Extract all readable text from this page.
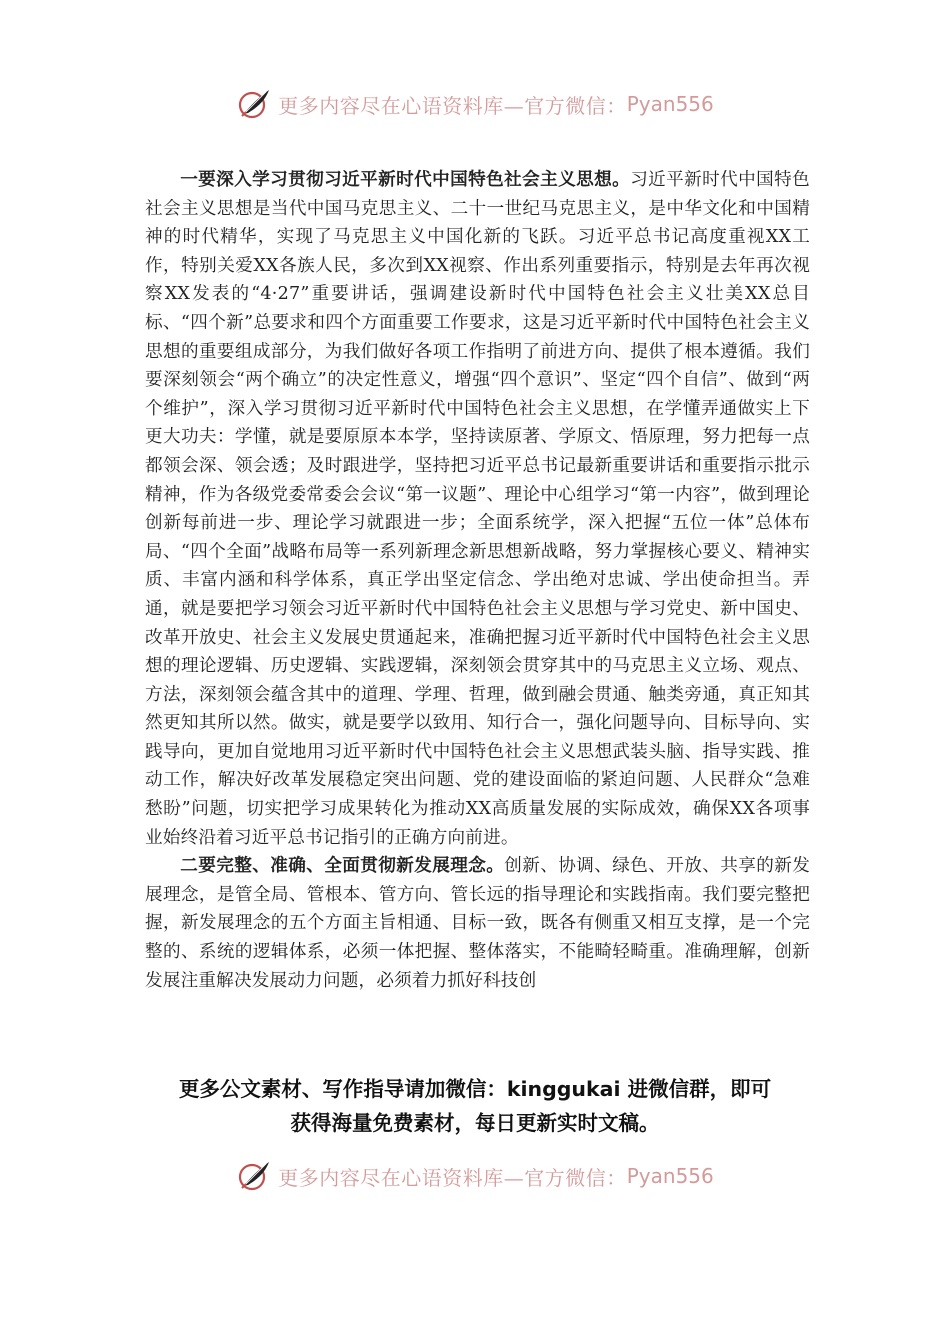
更多内容尽在心语资料库—官方微信： Pyan556

一要深入学习贯彻习近平新时代中国特色社会主义思想。习近平新时代中国特色社会主义思想是当代中国马克思主义、二十一世纪马克思主义，是中华文化和中国精神的时代精华，实现了马克思主义中国化新的飞跃。习近平总书记高度重视XX工作，特别关爱XX各族人民，多次到XX视察、作出系列重要指示，特别是去年再次视察XX发表的“4·27”重要讲话，强调建设新时代中国特色社会主义壮美XX总目标、“四个新”总要求和四个方面重要工作要求，这是习近平新时代中国特色社会主义思想的重要组成部分，为我们做好各项工作指明了前进方向、提供了根本遵循。我们要深刻领会“两个确立”的决定性意义，增强“四个意识”、坚定“四个自信”、做到“两个维护”，深入学习贯彻习近平新时代中国特色社会主义思想，在学懂弄通做实上下更大功夫：学懂，就是要原原本本学，坚持读原著、学原文、悟原理，努力把每一点都领会深、领会透；及时跟进学，坚持把习近平总书记最新重要讲话和重要指示批示精神，作为各级党委常委会会议“第一议题”、理论中心组学习“第一内容”，做到理论创新每前进一步、理论学习就跟进一步；全面系统学，深入把握“五位一体”总体布局、“四个全面”战略布局等一系列新理念新思想新战略，努力掌握核心要义、精神实质、丰富内涵和科学体系，真正学出坚定信念、学出绝对忠诚、学出使命担当。弄通，就是要把学习领会习近平新时代中国特色社会主义思想与学习党史、新中国史、改革开放史、社会主义发展史贯通起来，准确把握习近平新时代中国特色社会主义思想的理论逻辑、历史逻辑、实践逻辑，深刻领会贯穿其中的马克思主义立场、观点、方法，深刻领会蕴含其中的道理、学理、哲理，做到融会贯通、触类旁通，真正知其然更知其所以然。做实，就是要学以致用、知行合一，强化问题导向、目标导向、实践导向，更加自觉地用习近平新时代中国特色社会主义思想武装头脑、指导实践、推动工作，解决好改革发展稳定突出问题、党的建设面临的紧迫问题、人民群众“急难愁盼”问题，切实把学习成果转化为推动XX高质量发展的实际成效，确保XX各项事业始终沿着习近平总书记指引的正确方向前进。

二要完整、准确、全面贯彻新发展理念。创新、协调、绿色、开放、共享的新发展理念，是管全局、管根本、管方向、管长远的指导理论和实践指南。我们要完整把握，新发展理念的五个方面主旨相通、目标一致，既各有侧重又相互支撑，是一个完整的、系统的逻辑体系，必须一体把握、整体落实，不能畸轻畸重。准确理解，创新发展注重解决发展动力问题，必须着力抓好科技创

更多公文素材、写作指导请加微信：kinggukai 进微信群，即可
获得海量免费素材，每日更新实时文稿。
更多内容尽在心语资料库—官方微信： Pyan556
